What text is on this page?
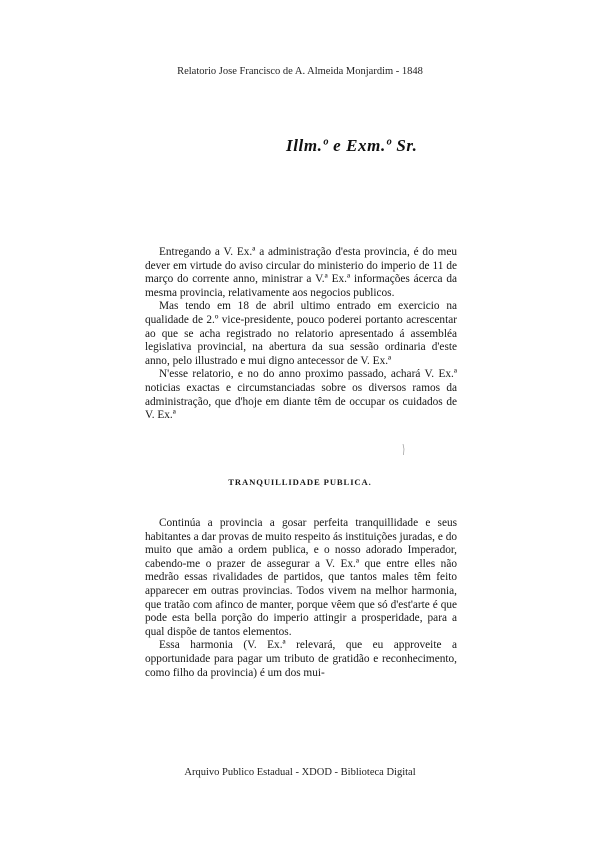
Relatorio Jose Francisco de A. Almeida Monjardim - 1848
Illm.º e Exm.º Sr.

Entregando a V. Ex.ª a administração d'esta provincia, é do meu dever em virtude do aviso circular do ministerio do imperio de 11 de março do corrente anno, ministrar a V.ª Ex.ª informações ácerca da mesma provincia, relativamente aos negocios publicos.

Mas tendo em 18 de abril ultimo entrado em exercicio na qualidade de 2.º vice-presidente, pouco poderei portanto acrescentar ao que se acha registrado no relatorio apresentado á assembléa legislativa provincial, na abertura da sua sessão ordinaria d'este anno, pelo illustrado e mui digno antecessor de V. Ex.ª

N'esse relatorio, e no do anno proximo passado, achará V. Ex.ª noticias exactas e circumstanciadas sobre os diversos ramos da administração, que d'hoje em diante têm de occupar os cuidados de V. Ex.ª

TRANQUILLIDADE PUBLICA.

Continúa a provincia a gosar perfeita tranquillidade e seus habitantes a dar provas de muito respeito ás instituições juradas, e do muito que amão a ordem publica, e o nosso adorado Imperador, cabendo-me o prazer de assegurar a V. Ex.ª que entre elles não medrão essas rivalidades de partidos, que tantos males têm feito apparecer em outras provincias. Todos vivem na melhor harmonia, que tratão com afinco de manter, porque vêem que só d'est'arte é que pode esta bella porção do imperio attingir a prosperidade, para a qual dispõe de tantos elementos.

Essa harmonia (V. Ex.ª relevará, que eu approveite a opportunidade para pagar um tributo de gratidão e reconhecimento, como filho da provincia) é um dos mui-

Arquivo Publico Estadual - XDOD - Biblioteca Digital
